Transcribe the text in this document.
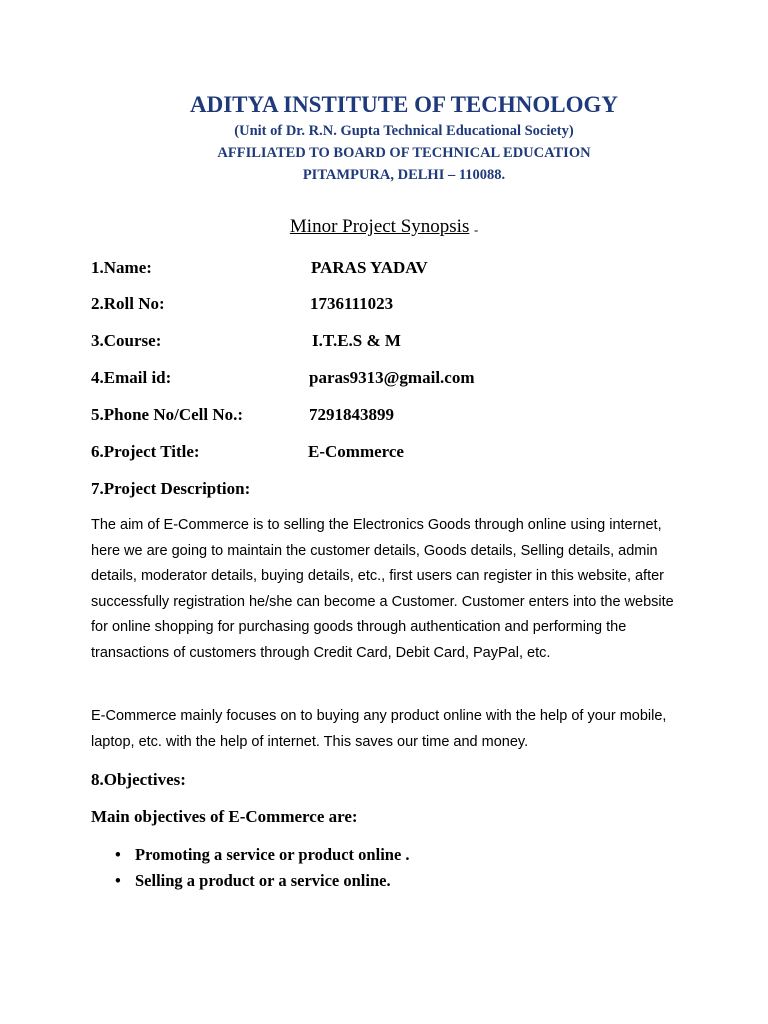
ADITYA INSTITUTE OF TECHNOLOGY
(Unit of Dr. R.N. Gupta Technical Educational Society)
AFFILIATED TO BOARD OF TECHNICAL EDUCATION
PITAMPURA, DELHI – 110088.
Minor Project Synopsis -
1.Name:	PARAS YADAV
2.Roll No:	1736111023
3.Course:	I.T.E.S & M
4.Email id:	paras9313@gmail.com
5.Phone No/Cell No.:	7291843899
6.Project Title:	E-Commerce
7.Project Description:
The aim of E-Commerce is to selling the Electronics Goods through online using internet, here we are going to maintain the customer details, Goods details, Selling details, admin details, moderator details, buying details, etc., first users can register in this website, after successfully registration he/she can become a Customer. Customer enters into the website for online shopping for purchasing goods through authentication and performing the transactions of customers through Credit Card, Debit Card, PayPal, etc.
E-Commerce mainly focuses on to buying any product online with the help of your mobile, laptop, etc. with the help of internet. This saves our time and money.
8.Objectives:
Main objectives of E-Commerce are:
• Promoting a service or product online .
• Selling a product or a service online.
